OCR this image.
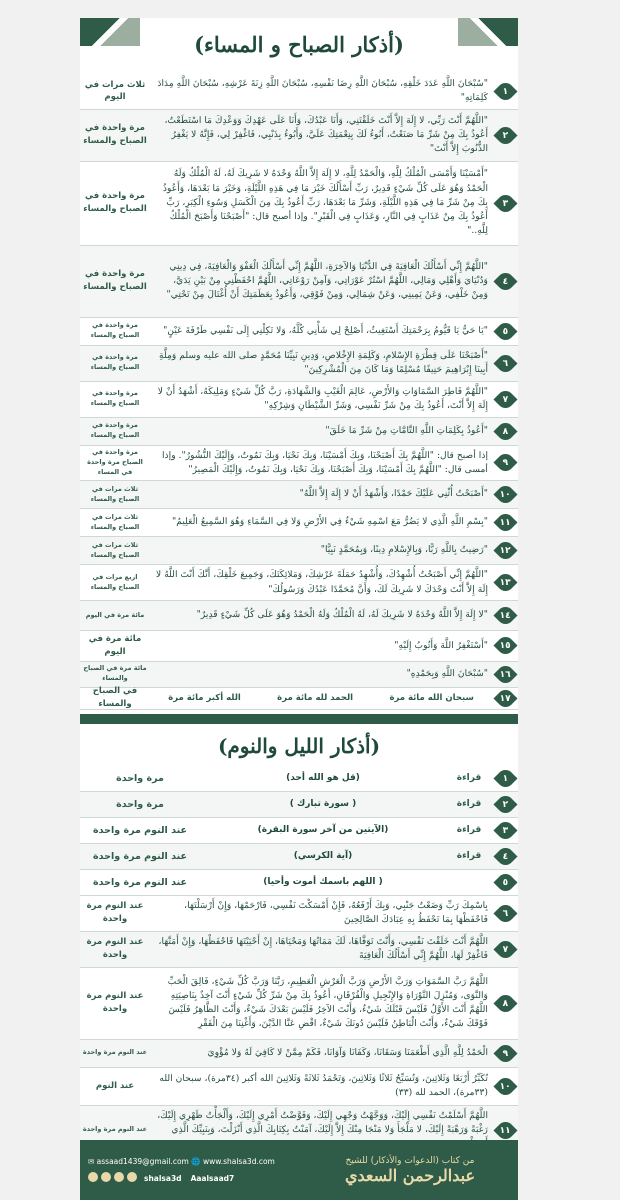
(أذكار الصباح و المساء)
١
"سُبْحَانَ اللَّهِ عَدَدَ خَلْقِهِ، سُبْحَانَ اللَّهِ رِضَا نَفْسِهِ، سُبْحَانَ اللَّهِ زِنَةَ عَرْشِهِ، سُبْحَانَ اللَّهِ مِدَادَ كَلِمَاتِهِ"
ثلاث مرات في اليوم
٢
"اللَّهُمَّ أَنْتَ رَبِّي، لا إِلَهَ إِلاَّ أَنْتَ خَلَقْتَنِي، وَأَنَا عَبْدُكَ، وَأَنَا عَلَى عَهْدِكَ وَوَعْدِكَ مَا اسْتَطَعْتُ، أَعُوذُ بِكَ مِنْ شَرِّ مَا صَنَعْتُ، أَبُوءُ لَكَ بِنِعْمَتِكَ عَلَيَّ، وَأَبُوءُ بِذَنْبِي، فَاغْفِرْ لِي، فَإِنَّهُ لا يَغْفِرُ الذُّنُوبَ إِلاَّ أَنْتَ"
مرة واحدة في الصباح والمساء
٣
"أَمْسَيْنَا وَأَمْسَى الْمُلْكُ لِلَّهِ، وَالْحَمْدُ لِلَّهِ، لا إِلَهَ إِلاَّ اللَّهُ وَحْدَهُ لا شَرِيكَ لَهُ، لَهُ الْمُلْكُ وَلَهُ الْحَمْدُ وَهُوَ عَلَى كُلِّ شَيْءٍ قَدِيرٌ، رَبِّ أَسْأَلُكَ خَيْرَ مَا فِي هَذِهِ اللَّيْلَةِ، وَخَيْرَ مَا بَعْدَهَا، وَأَعُوذُ بِكَ مِنْ شَرِّ مَا فِي هَذِهِ اللَّيْلَةِ، وَشَرِّ مَا بَعْدَهَا، رَبِّ أَعُوذُ بِكَ مِنَ الْكَسَلِ وَسُوءِ الْكِبَرِ، رَبِّ أَعُوذُ بِكَ مِنْ عَذَابٍ فِي النَّارِ، وَعَذَابٍ فِي الْقَبْرِ". وإذا أصبح قال: "أَصْبَحْنَا وَأَصْبَحَ الْمُلْكُ لِلَّهِ.."
مرة واحدة في الصباح والمساء
٤
"اللَّهُمَّ إِنِّي أَسْأَلُكَ الْعَافِيَةَ فِي الدُّنْيَا وَالآخِرَةِ، اللَّهُمَّ إِنِّي أَسْأَلُكَ الْعَفْوَ وَالْعَافِيَةَ، فِي دِينِي وَدُنْيَايَ وَأَهْلِي وَمَالِي، اللَّهُمَّ اسْتُرْ عَوْرَاتِي، وَآمِنْ رَوْعَاتِي، اللَّهُمَّ احْفَظْنِي مِنْ بَيْنِ يَدَيَّ، وَمِنْ خَلْفِي، وَعَنْ يَمِينِي، وَعَنْ شِمَالِي، وَمِنْ فَوْقِي، وَأَعُوذُ بِعَظَمَتِكَ أَنْ أُغْتَالَ مِنْ تَحْتِي"
مرة واحدة في الصباح والمساء
٥
"يَا حَيُّ يَا قَيُّومُ بِرَحْمَتِكَ أَسْتَغِيثُ، أَصْلِحْ لِي شَأْنِي كُلَّهُ، وَلا تَكِلْنِي إِلَى نَفْسِي طَرْفَةَ عَيْنٍ"
مرة واحدة في الصباح والمساء
٦
"أَصْبَحْنَا عَلَى فِطْرَةِ الإِسْلامِ، وَكَلِمَةِ الإِخْلاصِ، وَدِينِ نَبِيِّنَا مُحَمَّدٍ صلى الله عليه وسلم وَمِلَّةِ أَبِينَا إِبْرَاهِيمَ حَنِيفًا مُسْلِمًا وَمَا كَانَ مِنَ الْمُشْرِكِينَ"
مرة واحدة في الصباح والمساء
٧
"اللَّهُمَّ فَاطِرَ السَّمَاوَاتِ وَالأَرْضِ، عَالِمَ الْغَيْبِ وَالشَّهَادَةِ، رَبَّ كُلِّ شَيْءٍ وَمَلِيكَهُ، أَشْهَدُ أَنْ لا إِلَهَ إِلاَّ أَنْتَ، أَعُوذُ بِكَ مِنْ شَرِّ نَفْسِي، وَشَرِّ الشَّيْطَانِ وَشِرْكِهِ"
مرة واحدة في الصباح والمساء
٨
"أَعُوذُ بِكَلِمَاتِ اللَّهِ التَّامَّاتِ مِنْ شَرِّ مَا خَلَقَ"
مرة واحدة في الصباح والمساء
٩
إذا أصبح قال: "اللَّهُمَّ بِكَ أَصْبَحْنَا، وَبِكَ أَمْسَيْنَا، وَبِكَ نَحْيَا، وَبِكَ نَمُوتُ، وَإِلَيْكَ النُّشُورُ". وإذا أمسى قال: "اللَّهُمَّ بِكَ أَمْسَيْنَا، وَبِكَ أَصْبَحْنَا، وَبِكَ نَحْيَا، وَبِكَ نَمُوتُ، وَإِلَيْكَ الْمَصِيرُ"
مرة واحدة في الصباح مرة واحدة في المساء
١٠
"أَصْبَحْتُ أُثْنِي عَلَيْكَ حَمْدًا، وَأَشْهَدُ أَنْ لا إِلَهَ إِلاَّ اللَّهُ"
ثلاث مرات في الصباح والمساء
١١
"بِسْمِ اللَّهِ الَّذِي لا يَضُرُّ مَعَ اسْمِهِ شَيْءٌ فِي الأَرْضِ وَلا فِي السَّمَاءِ وَهُوَ السَّمِيعُ الْعَلِيمُ"
ثلاث مرات في الصباح والمساء
١٢
"رَضِيتُ بِاللَّهِ رَبًّا، وَبِالإِسْلامِ دِينًا، وَبِمُحَمَّدٍ نَبِيًّا"
ثلاث مرات في الصباح والمساء
١٣
"اللَّهُمَّ إِنِّي أَصْبَحْتُ أُشْهِدُكَ، وَأُشْهِدُ حَمَلَةَ عَرْشِكَ، وَمَلائِكَتَكَ، وَجَمِيعَ خَلْقِكَ، أَنَّكَ أَنْتَ اللَّهُ لا إِلَهَ إِلاَّ أَنْتَ وَحْدَكَ لا شَرِيكَ لَكَ، وَأَنَّ مُحَمَّدًا عَبْدُكَ وَرَسُولُكَ"
اربع مرات في الصباح والمساء
١٤
"لا إِلَهَ إِلاَّ اللَّهُ وَحْدَهُ لا شَرِيكَ لَهُ، لَهُ الْمُلْكُ وَلَهُ الْحَمْدُ وَهُوَ عَلَى كُلِّ شَيْءٍ قَدِيرٌ"
مائة مرة في اليوم
١٥
"أَسْتَغْفِرُ اللَّهَ وَأَتُوبُ إِلَيْهِ"
مائة مرة في اليوم
١٦
"سُبْحَانَ اللَّهِ وَبِحَمْدِهِ"
مائة مرة في الصباح والمساء
١٧
سبحان الله مائة مرة
الحمد لله مائة مرة
الله أكبر مائة مرة
في الصباح والمساء
(أذكار الليل والنوم)
١
قراءة
(قل هو الله أحد)
مرة واحدة
٢
قراءة
( سورة تبارك )
مرة واحدة
٣
قراءة
(الآيتين من آخر سورة البقرة)
عند النوم مرة واحدة
٤
قراءة
(آية الكرسي)
عند النوم مرة واحدة
٥
( اللهم باسمك أموت وأحيا)
عند النوم مرة واحدة
٦
بِاسْمِكَ رَبِّ وَضَعْتُ جَنْبِي، وَبِكَ أَرْفَعُهُ، فَإِنْ أَمْسَكْتَ نَفْسِي، فَارْحَمْهَا، وَإِنْ أَرْسَلْتَهَا، فَاحْفَظْهَا بِمَا تَحْفَظُ بِهِ عِبَادَكَ الصَّالِحِينَ
عند النوم مرة واحدة
٧
اللَّهُمَّ أَنْتَ خَلَقْتَ نَفْسِي، وَأَنْتَ تَوَفَّاهَا، لَكَ مَمَاتُهَا وَمَحْيَاهَا، إِنْ أَحْيَيْتَهَا فَاحْفَظْهَا، وَإِنْ أَمَتَّهَا، فَاغْفِرْ لَهَا، اللَّهُمَّ إِنِّي أَسْأَلُكَ الْعَافِيَةَ
عند النوم مرة واحدة
٨
اللَّهُمَّ رَبَّ السَّمَوَاتِ وَرَبَّ الأَرْضِ وَرَبَّ الْعَرْشِ الْعَظِيمِ، رَبَّنَا وَرَبَّ كُلِّ شَيْءٍ، فَالِقَ الْحَبِّ وَالنَّوَى، وَمُنْزِلَ التَّوْرَاةِ وَالإِنْجِيلِ وَالْفُرْقَانِ، أَعُوذُ بِكَ مِنْ شَرِّ كُلِّ شَيْءٍ أَنْتَ آخِذٌ بِنَاصِيَتِهِ اللَّهُمَّ أَنْتَ الأَوَّلُ فَلَيْسَ قَبْلَكَ شَيْءٌ، وَأَنْتَ الآخِرُ فَلَيْسَ بَعْدَكَ شَيْءٌ، وَأَنْتَ الظَّاهِرُ فَلَيْسَ فَوْقَكَ شَيْءٌ، وَأَنْتَ الْبَاطِنُ فَلَيْسَ دُونَكَ شَيْءٌ، اقْضِ عَنَّا الدَّيْنَ، وَأَغْنِنَا مِنَ الْفَقْرِ
عند النوم مرة واحدة
٩
الْحَمْدُ لِلَّهِ الَّذِي أَطْعَمَنَا وَسَقَانَا، وَكَفَانَا وَآوَانَا، فَكَمْ مِمَّنْ لا كَافِيَ لَهُ وَلا مُؤْوِيَ
عند النوم مرة واحدة
١٠
تُكَبِّرُ أَرْبَعًا وَثَلاثِينَ، وَتُسَبِّحُ ثَلاثًا وَثَلاثِينَ، وَتَحْمَدُ ثَلاثَةً وَثَلاثِينَ الله أكبر (٣٤مرة)، سبحان الله (٣٣مرة)، الحمد لله (٣٣)
عند النوم
١١
اللَّهُمَّ أَسْلَمْتُ نَفْسِي إِلَيْكَ، وَوَجَّهْتُ وَجْهِي إِلَيْكَ، وَفَوَّضْتُ أَمْرِي إِلَيْكَ، وَأَلْجَأْتُ ظَهْرِي إِلَيْكَ، رَغْبَةً وَرَهْبَةً إِلَيْكَ، لا مَلْجَأَ وَلا مَنْجَا مِنْكَ إِلاَّ إِلَيْكَ، آمَنْتُ بِكِتَابِكَ الَّذِي أَنْزَلْتَ، وَبِنَبِيِّكَ الَّذِي
عند النوم مرة واحدة
✉ assaad1439@gmail.com 🌐 www.shalsa3d.com
shalsa3d Aaalsaad7
من كتاب (الدعوات والأذكار) للشيخ
عبدالرحمن السعدي
